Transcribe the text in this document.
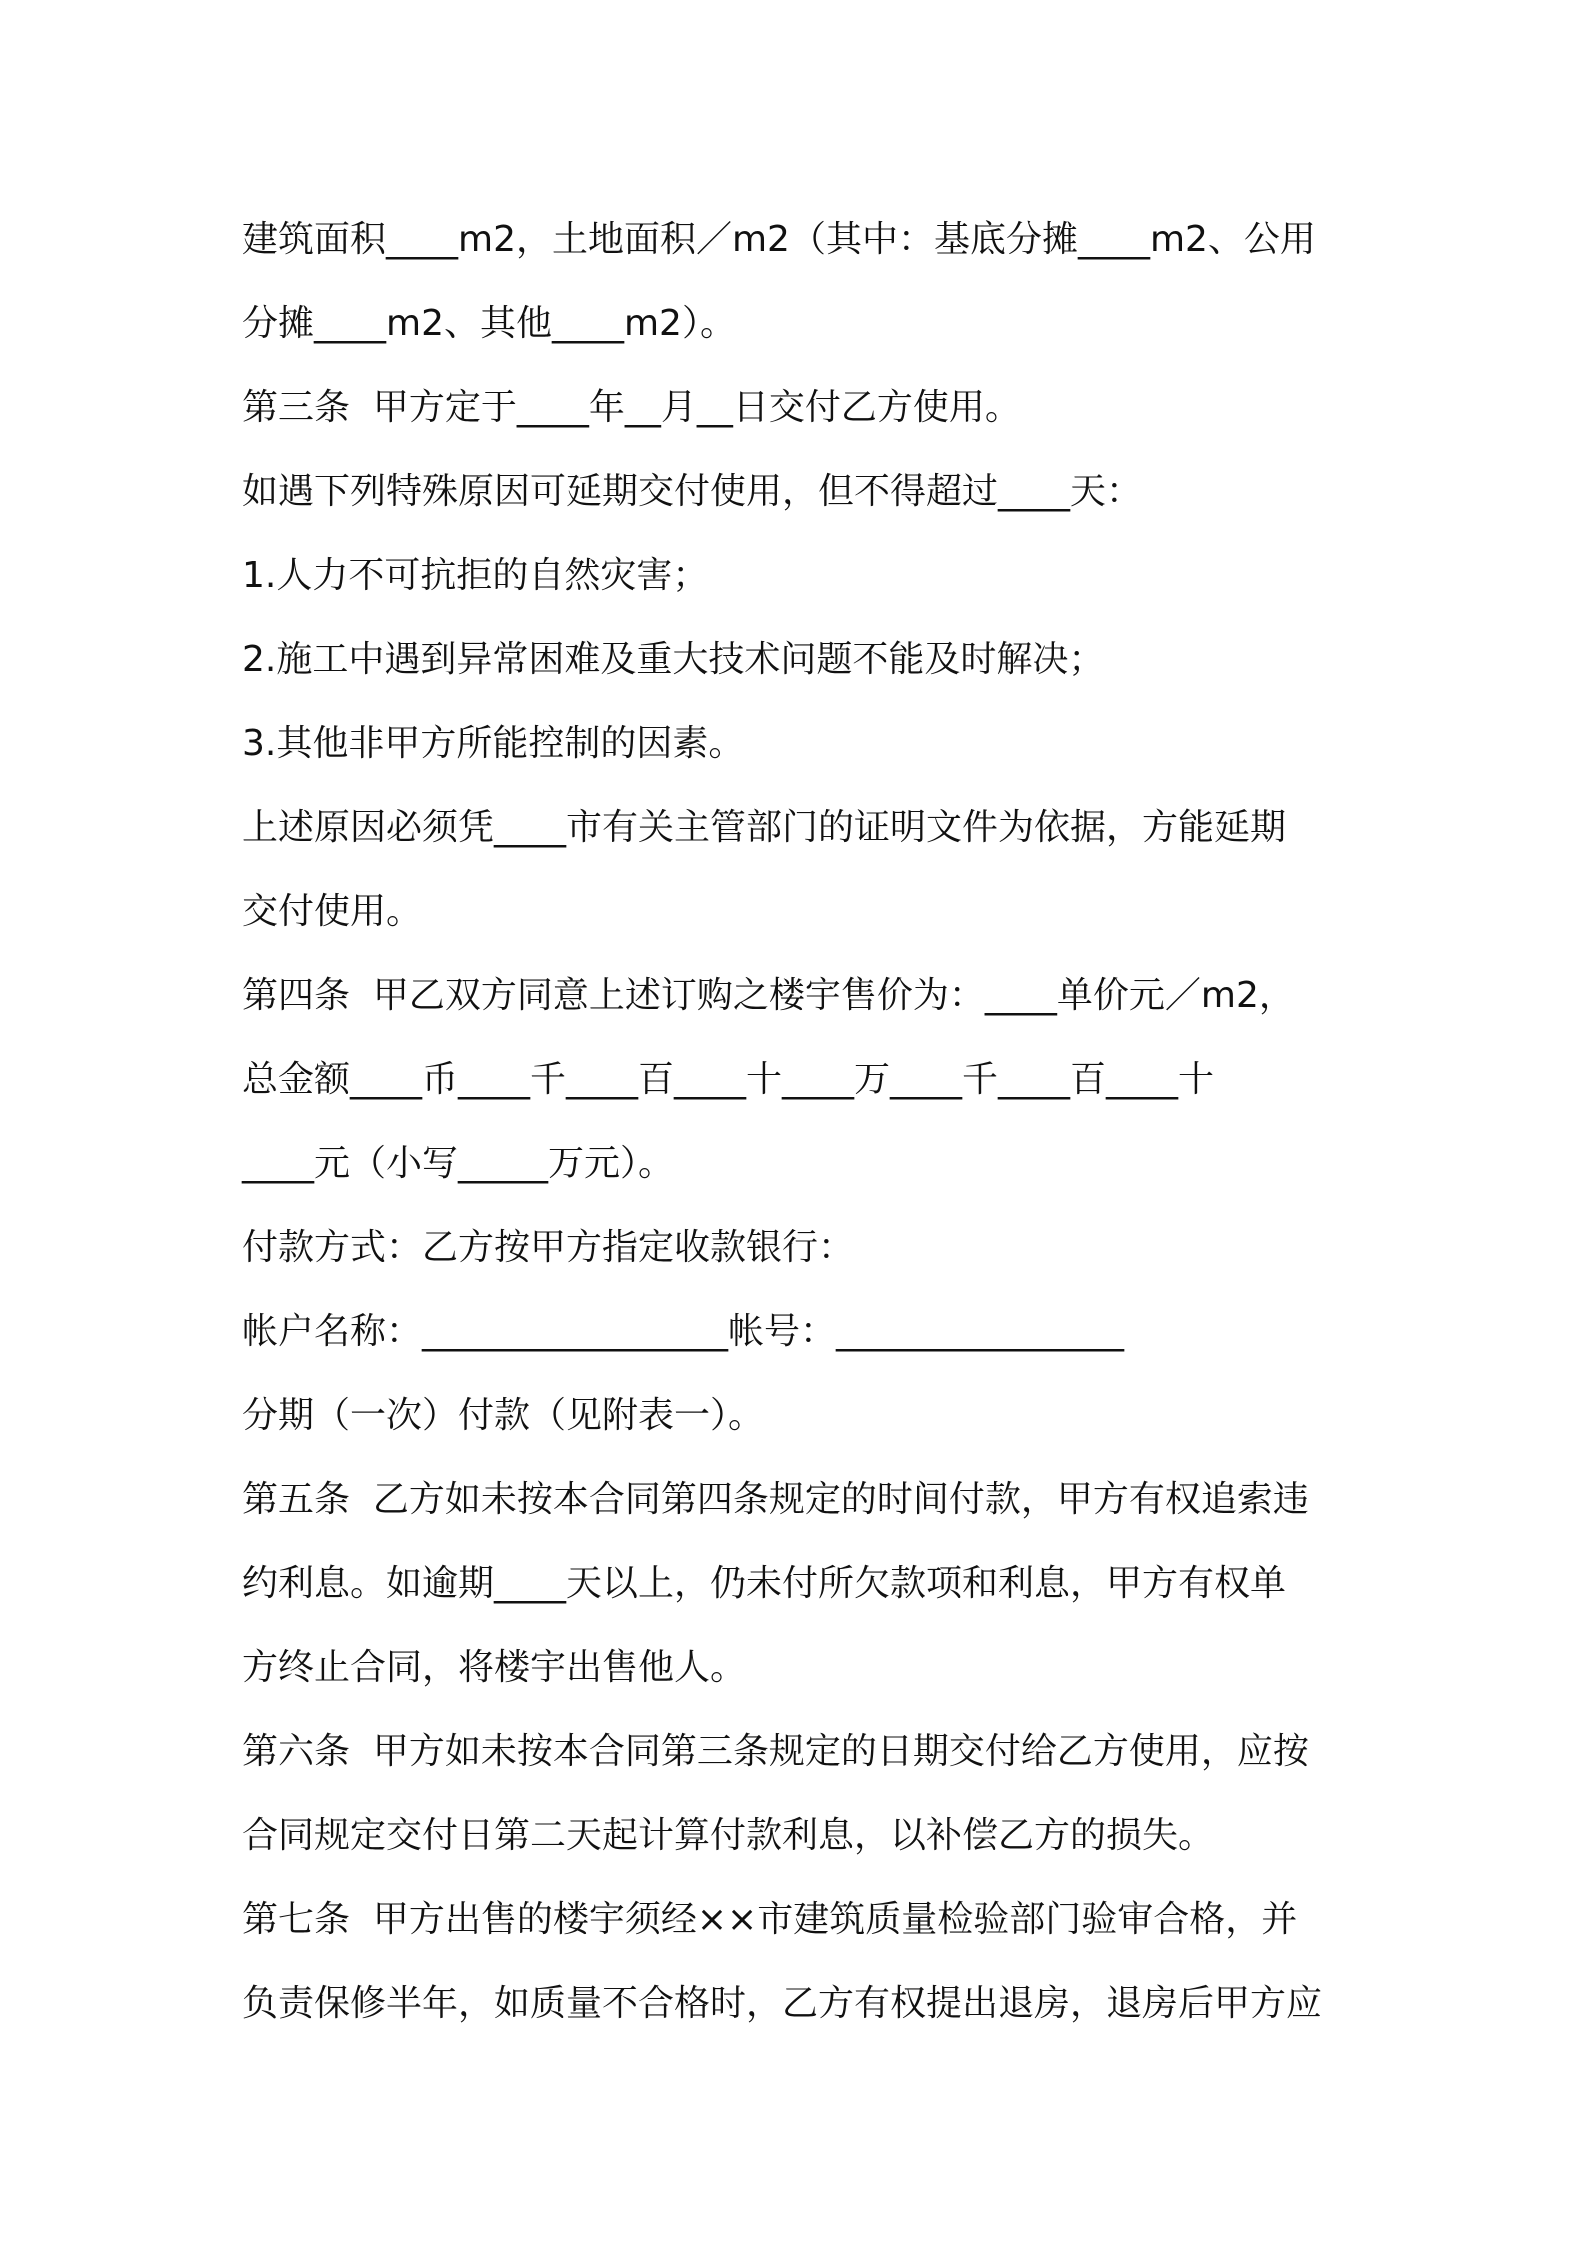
建筑面积____m2，土地面积／m2（其中：基底分摊____m2、公用
分摊____m2、其他____m2）。
第三条  甲方定于____年__月__日交付乙方使用。
如遇下列特殊原因可延期交付使用，但不得超过____天：
1.人力不可抗拒的自然灾害；
2.施工中遇到异常困难及重大技术问题不能及时解决；
3.其他非甲方所能控制的因素。
上述原因必须凭____市有关主管部门的证明文件为依据，方能延期
交付使用。
第四条  甲乙双方同意上述订购之楼宇售价为：____单价元／m2，
总金额____币____千____百____十____万____千____百____十
____元（小写_____万元）。
付款方式：乙方按甲方指定收款银行：
帐户名称：_________________帐号：________________
分期（一次）付款（见附表一）。
第五条  乙方如未按本合同第四条规定的时间付款，甲方有权追索违
约利息。如逾期____天以上，仍未付所欠款项和利息，甲方有权单
方终止合同，将楼宇出售他人。
第六条  甲方如未按本合同第三条规定的日期交付给乙方使用，应按
合同规定交付日第二天起计算付款利息，以补偿乙方的损失。
第七条  甲方出售的楼宇须经××市建筑质量检验部门验审合格，并
负责保修半年，如质量不合格时，乙方有权提出退房，退房后甲方应
